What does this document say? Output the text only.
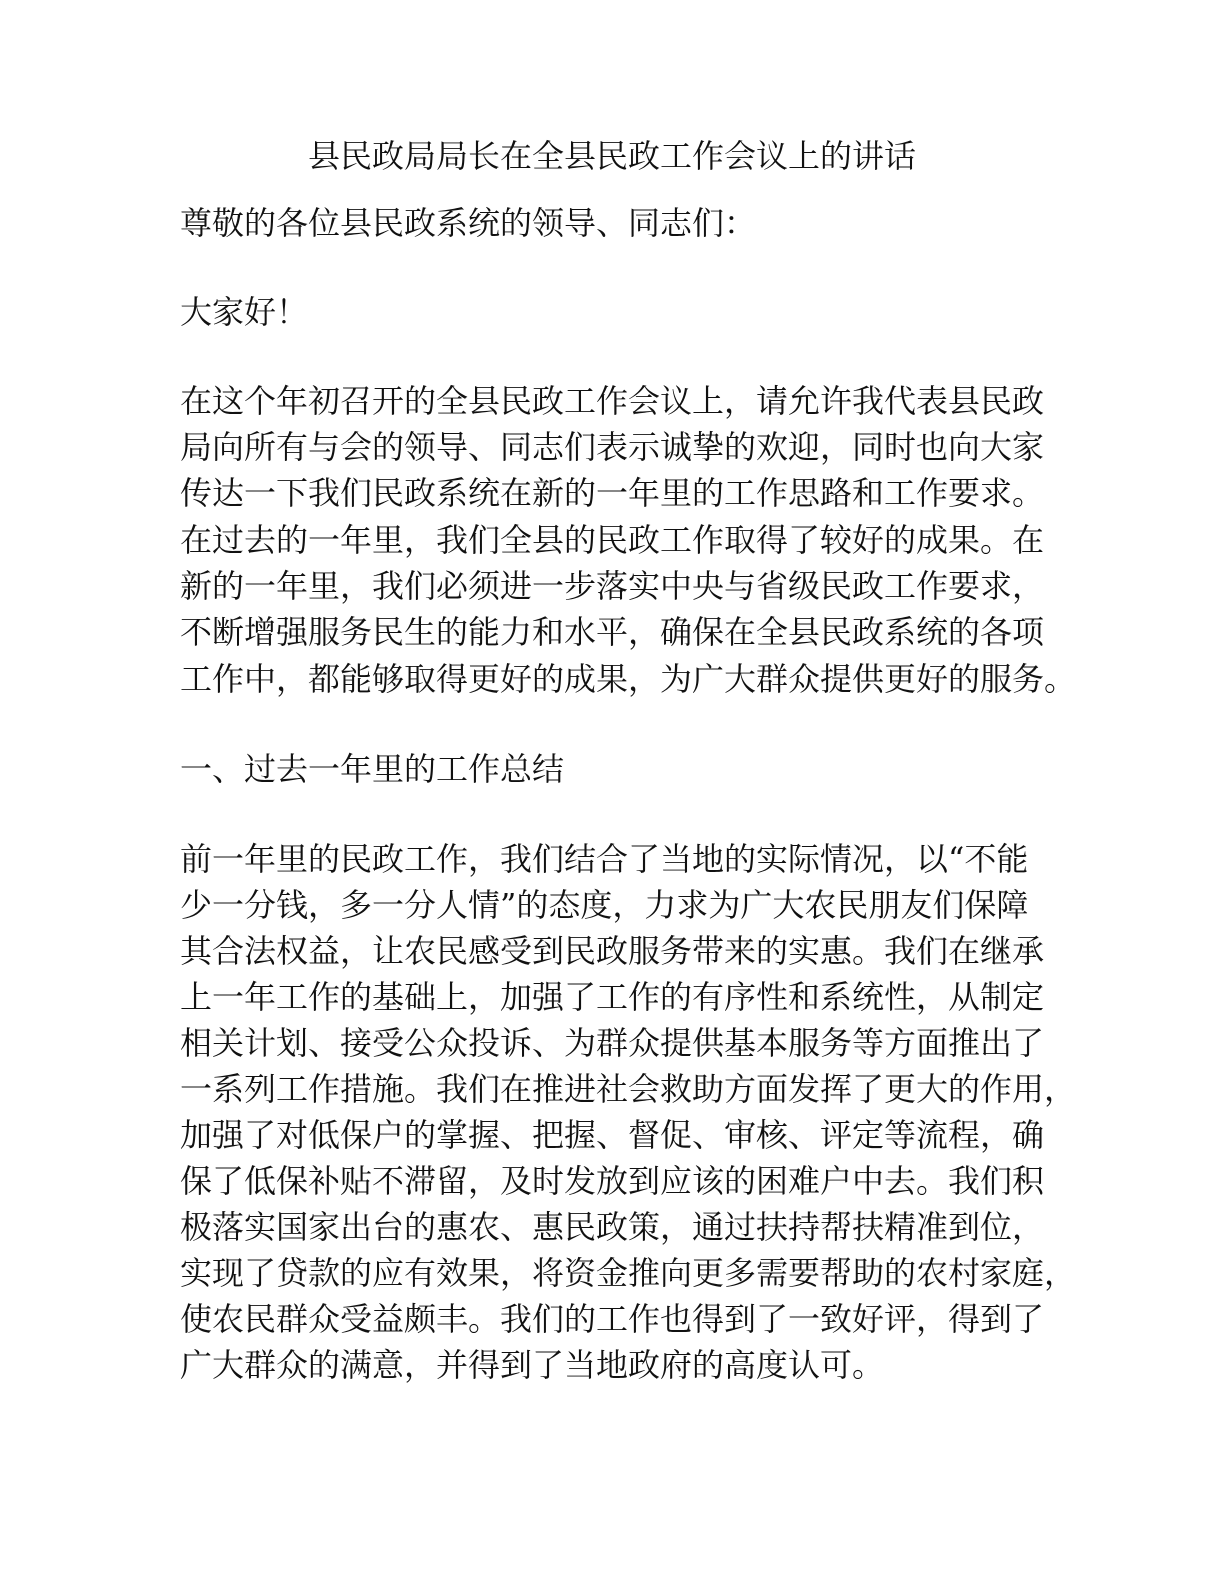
县民政局局长在全县民政工作会议上的讲话
尊敬的各位县民政系统的领导、同志们：
大家好！
在这个年初召开的全县民政工作会议上，请允许我代表县民政
局向所有与会的领导、同志们表示诚挚的欢迎，同时也向大家
传达一下我们民政系统在新的一年里的工作思路和工作要求。
在过去的一年里，我们全县的民政工作取得了较好的成果。在
新的一年里，我们必须进一步落实中央与省级民政工作要求，
不断增强服务民生的能力和水平，确保在全县民政系统的各项
工作中，都能够取得更好的成果，为广大群众提供更好的服务。
一、过去一年里的工作总结
前一年里的民政工作，我们结合了当地的实际情况，以“不能
少一分钱，多一分人情”的态度，力求为广大农民朋友们保障
其合法权益，让农民感受到民政服务带来的实惠。我们在继承
上一年工作的基础上，加强了工作的有序性和系统性，从制定
相关计划、接受公众投诉、为群众提供基本服务等方面推出了
一系列工作措施。我们在推进社会救助方面发挥了更大的作用，
加强了对低保户的掌握、把握、督促、审核、评定等流程，确
保了低保补贴不滞留，及时发放到应该的困难户中去。我们积
极落实国家出台的惠农、惠民政策，通过扶持帮扶精准到位，
实现了贷款的应有效果，将资金推向更多需要帮助的农村家庭，
使农民群众受益颇丰。我们的工作也得到了一致好评，得到了
广大群众的满意，并得到了当地政府的高度认可。
